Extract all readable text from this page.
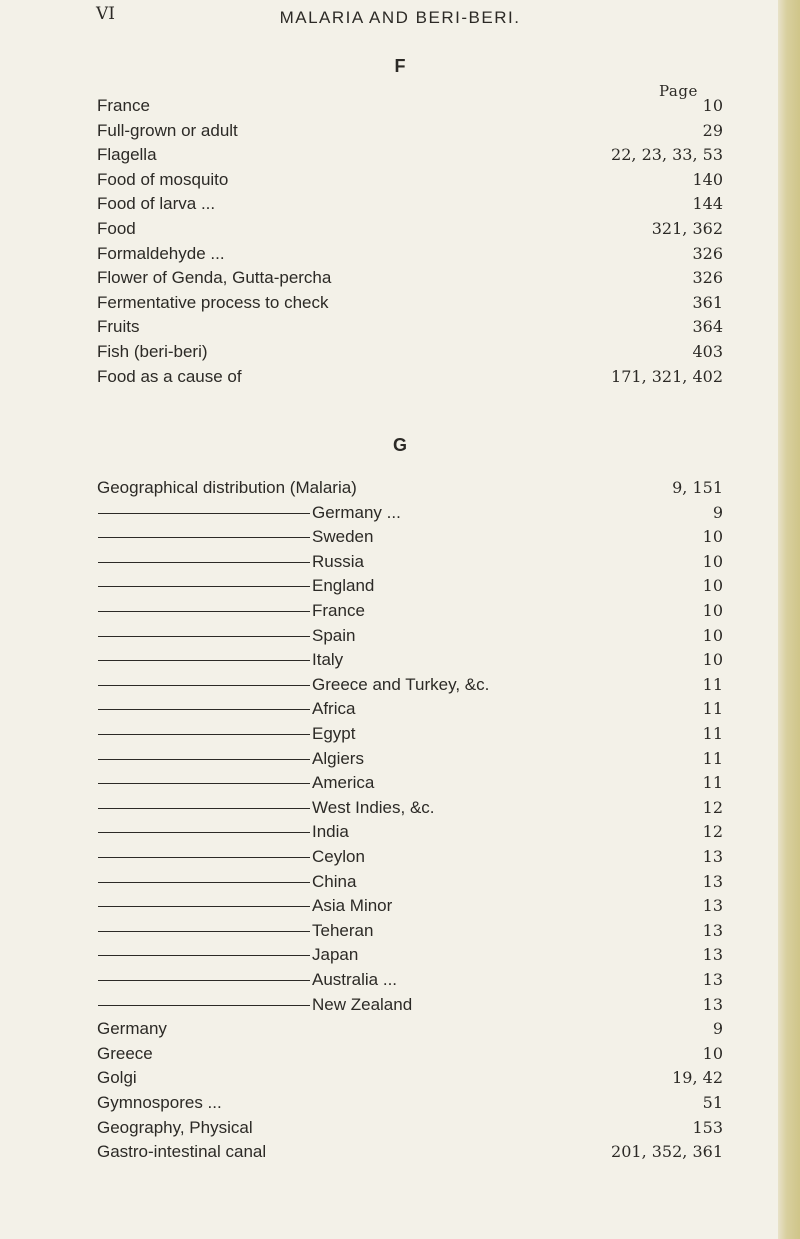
VI	MALARIA AND BERI-BERI.
F
Page
France	10
Full-grown or adult	29
Flagella	22, 23, 33, 53
Food of mosquito	140
Food of larva ...	144
Food	321, 362
Formaldehyde ...	326
Flower of Genda, Gutta-percha	326
Fermentative process to check	361
Fruits	364
Fish (beri-beri)	403
Food as a cause of	171, 321, 402
G
Geographical distribution (Malaria)	9, 151
Germany ...	9
Sweden	10
Russia	10
England	10
France	10
Spain	10
Italy	10
Greece and Turkey, &c.	11
Africa	11
Egypt	11
Algiers	11
America	11
West Indies, &c.	12
India	12
Ceylon	13
China	13
Asia Minor	13
Teheran	13
Japan	13
Australia ...	13
New Zealand	13
Germany	9
Greece	10
Golgi	19, 42
Gymnospores ...	51
Geography, Physical	153
Gastro-intestinal canal	201, 352, 361
